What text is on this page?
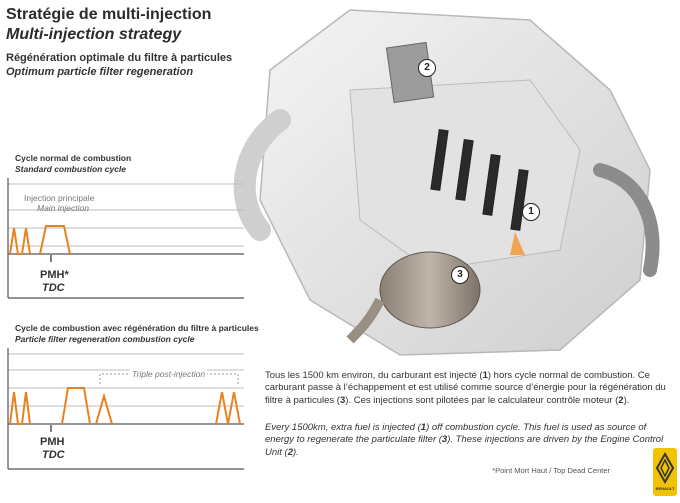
Stratégie de multi-injection
Multi-injection strategy
Régénération optimale du filtre à particules
Optimum particle filter regeneration	2
1
3
Cycle normal de combustion
Standard combustion cycle
Injection principale
Main injection
PMH*
TDC
Cycle de combustion avec régénération du filtre à particules
Particle filter regeneration combustion cycle
Triple post-injection
PMH
TDC
Tous les 1500 km environ, du carburant est injecté (1) hors cycle normal de combustion. Ce carburant passe à l’échappement et est utilisé comme source d’énergie pour la régénération du filtre à particules (3). Ces injections sont pilotées par le calculateur contrôle moteur (2).
Every 1500km, extra fuel is injected (1) off combustion cycle. This fuel is used as source of energy to regenerate the particulate filter (3). These injections are driven by the Engine Control Unit (2).
*Point Mort Haut / Top Dead Center
RENAULT
